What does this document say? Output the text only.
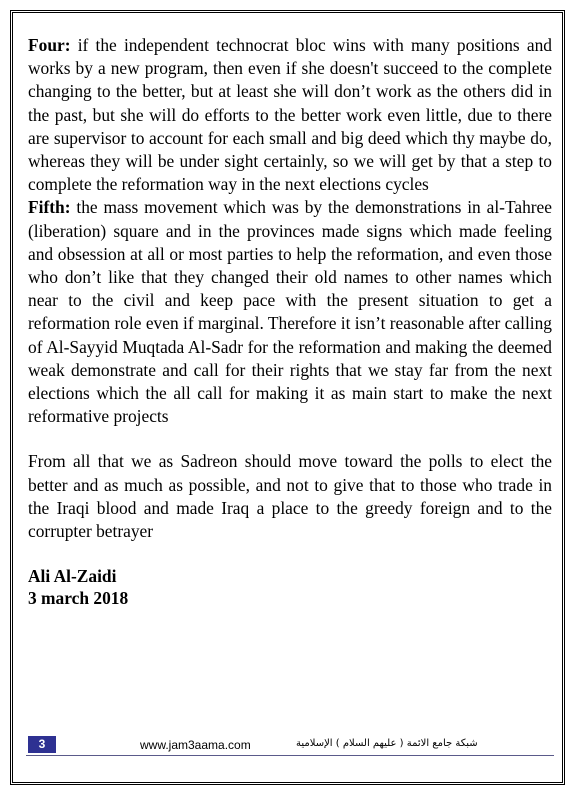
Four: if the independent technocrat bloc wins with many positions and works by a new program, then even if she doesn't succeed to the complete changing to the better, but at least she will don’t work as the others did in the past, but she will do efforts to the better work even little, due to there are supervisor to account for each small and big deed which thy maybe do, whereas they will be under sight certainly, so we will get by that a step to complete the reformation way in the next elections cycles

Fifth: the mass movement which was by the demonstrations in al-Tahree (liberation) square and in the provinces made signs which made feeling and obsession at all or most parties to help the reformation, and even those who don’t like that they changed their old names to other names which near to the civil and keep pace with the present situation to get a reformation role even if marginal. Therefore it isn’t reasonable after calling of Al-Sayyid Muqtada Al-Sadr for the reformation and making the deemed weak demonstrate and call for their rights that we stay far from the next elections which the all call for making it as main start to make the next reformative projects

From all that we as Sadreon should move toward the polls to elect the better and as much as possible, and not to give that to those who trade in the Iraqi blood and made Iraq a place to the greedy foreign and to the corrupter betrayer

Ali Al-Zaidi
3 march 2018
3	www.jam3aama.com	شبكة جامع الائمة ( عليهم السلام ) الإسلامية
